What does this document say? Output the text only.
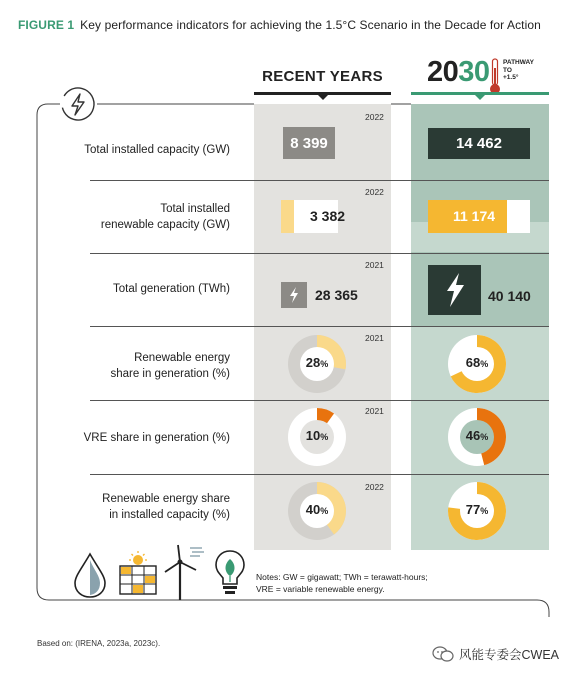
FIGURE 1 Key performance indicators for achieving the 1.5°C Scenario in the Decade for Action
RECENT YEARS 2030 PATHWAY
TO
+1.5°
Total installed capacity (GW)
2022
8 399	14 462
Total installed
renewable capacity (GW)
2022
3 382	11 174
Total generation (TWh)
2021
28 365	40 140
Renewable energy
share in generation (%)
2021
28%	68%
VRE share in generation (%)
2021
10%	46%
Renewable energy share
in installed capacity (%)
2022
40%	77%
Notes: GW = gigawatt; TWh = terawatt-hours;
VRE = variable renewable energy.
Based on: (IRENA, 2023a, 2023c).
风能专委会CWEA
